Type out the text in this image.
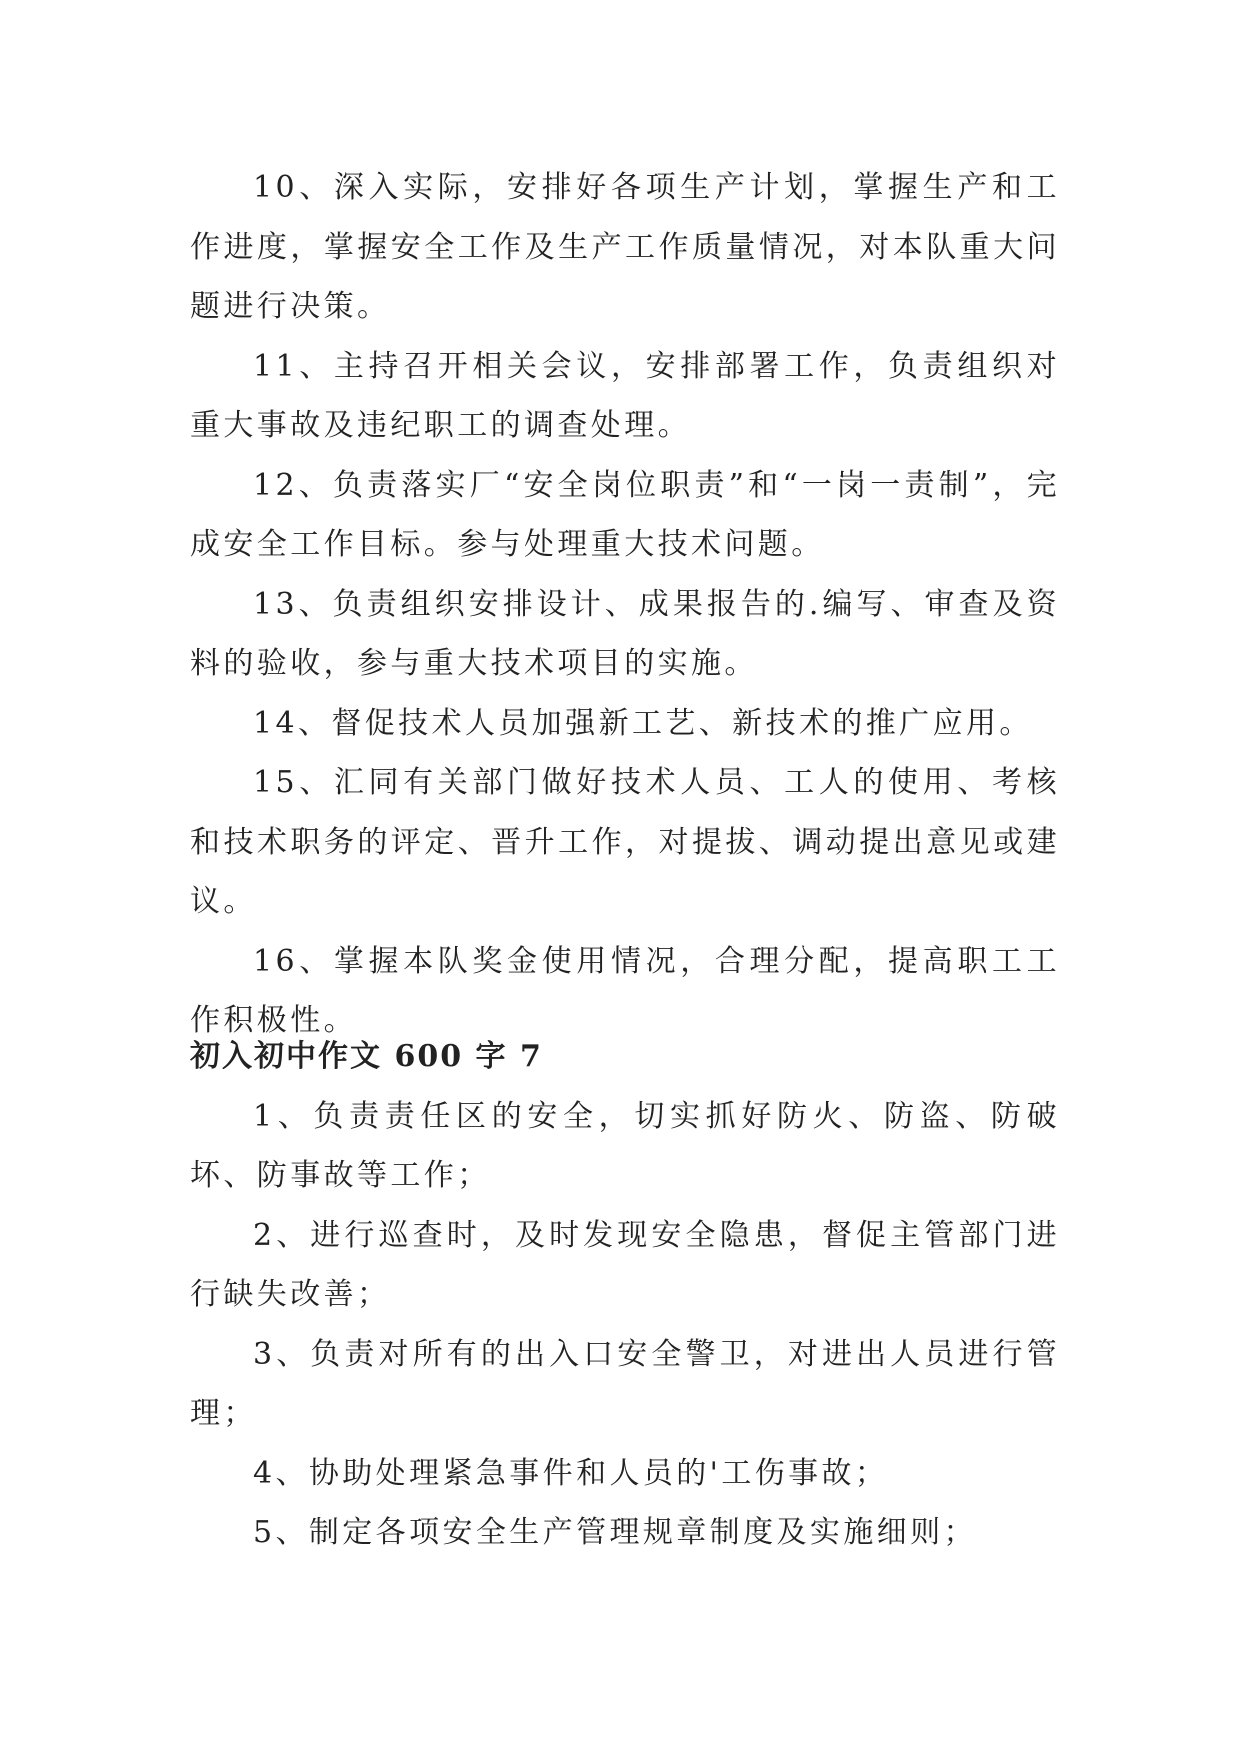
10、深入实际，安排好各项生产计划，掌握生产和工作进度，掌握安全工作及生产工作质量情况，对本队重大问题进行决策。

11、主持召开相关会议，安排部署工作，负责组织对重大事故及违纪职工的调查处理。

12、负责落实厂“安全岗位职责”和“一岗一责制”，完成安全工作目标。参与处理重大技术问题。

13、负责组织安排设计、成果报告的.编写、审查及资料的验收，参与重大技术项目的实施。

14、督促技术人员加强新工艺、新技术的推广应用。

15、汇同有关部门做好技术人员、工人的使用、考核和技术职务的评定、晋升工作，对提拔、调动提出意见或建议。

16、掌握本队奖金使用情况，合理分配，提高职工工作积极性。

初入初中作文 600 字 7

1、负责责任区的安全，切实抓好防火、防盗、防破坏、防事故等工作；

2、进行巡查时，及时发现安全隐患，督促主管部门进行缺失改善；

3、负责对所有的出入口安全警卫，对进出人员进行管理；

4、协助处理紧急事件和人员的'工伤事故；

5、制定各项安全生产管理规章制度及实施细则；
